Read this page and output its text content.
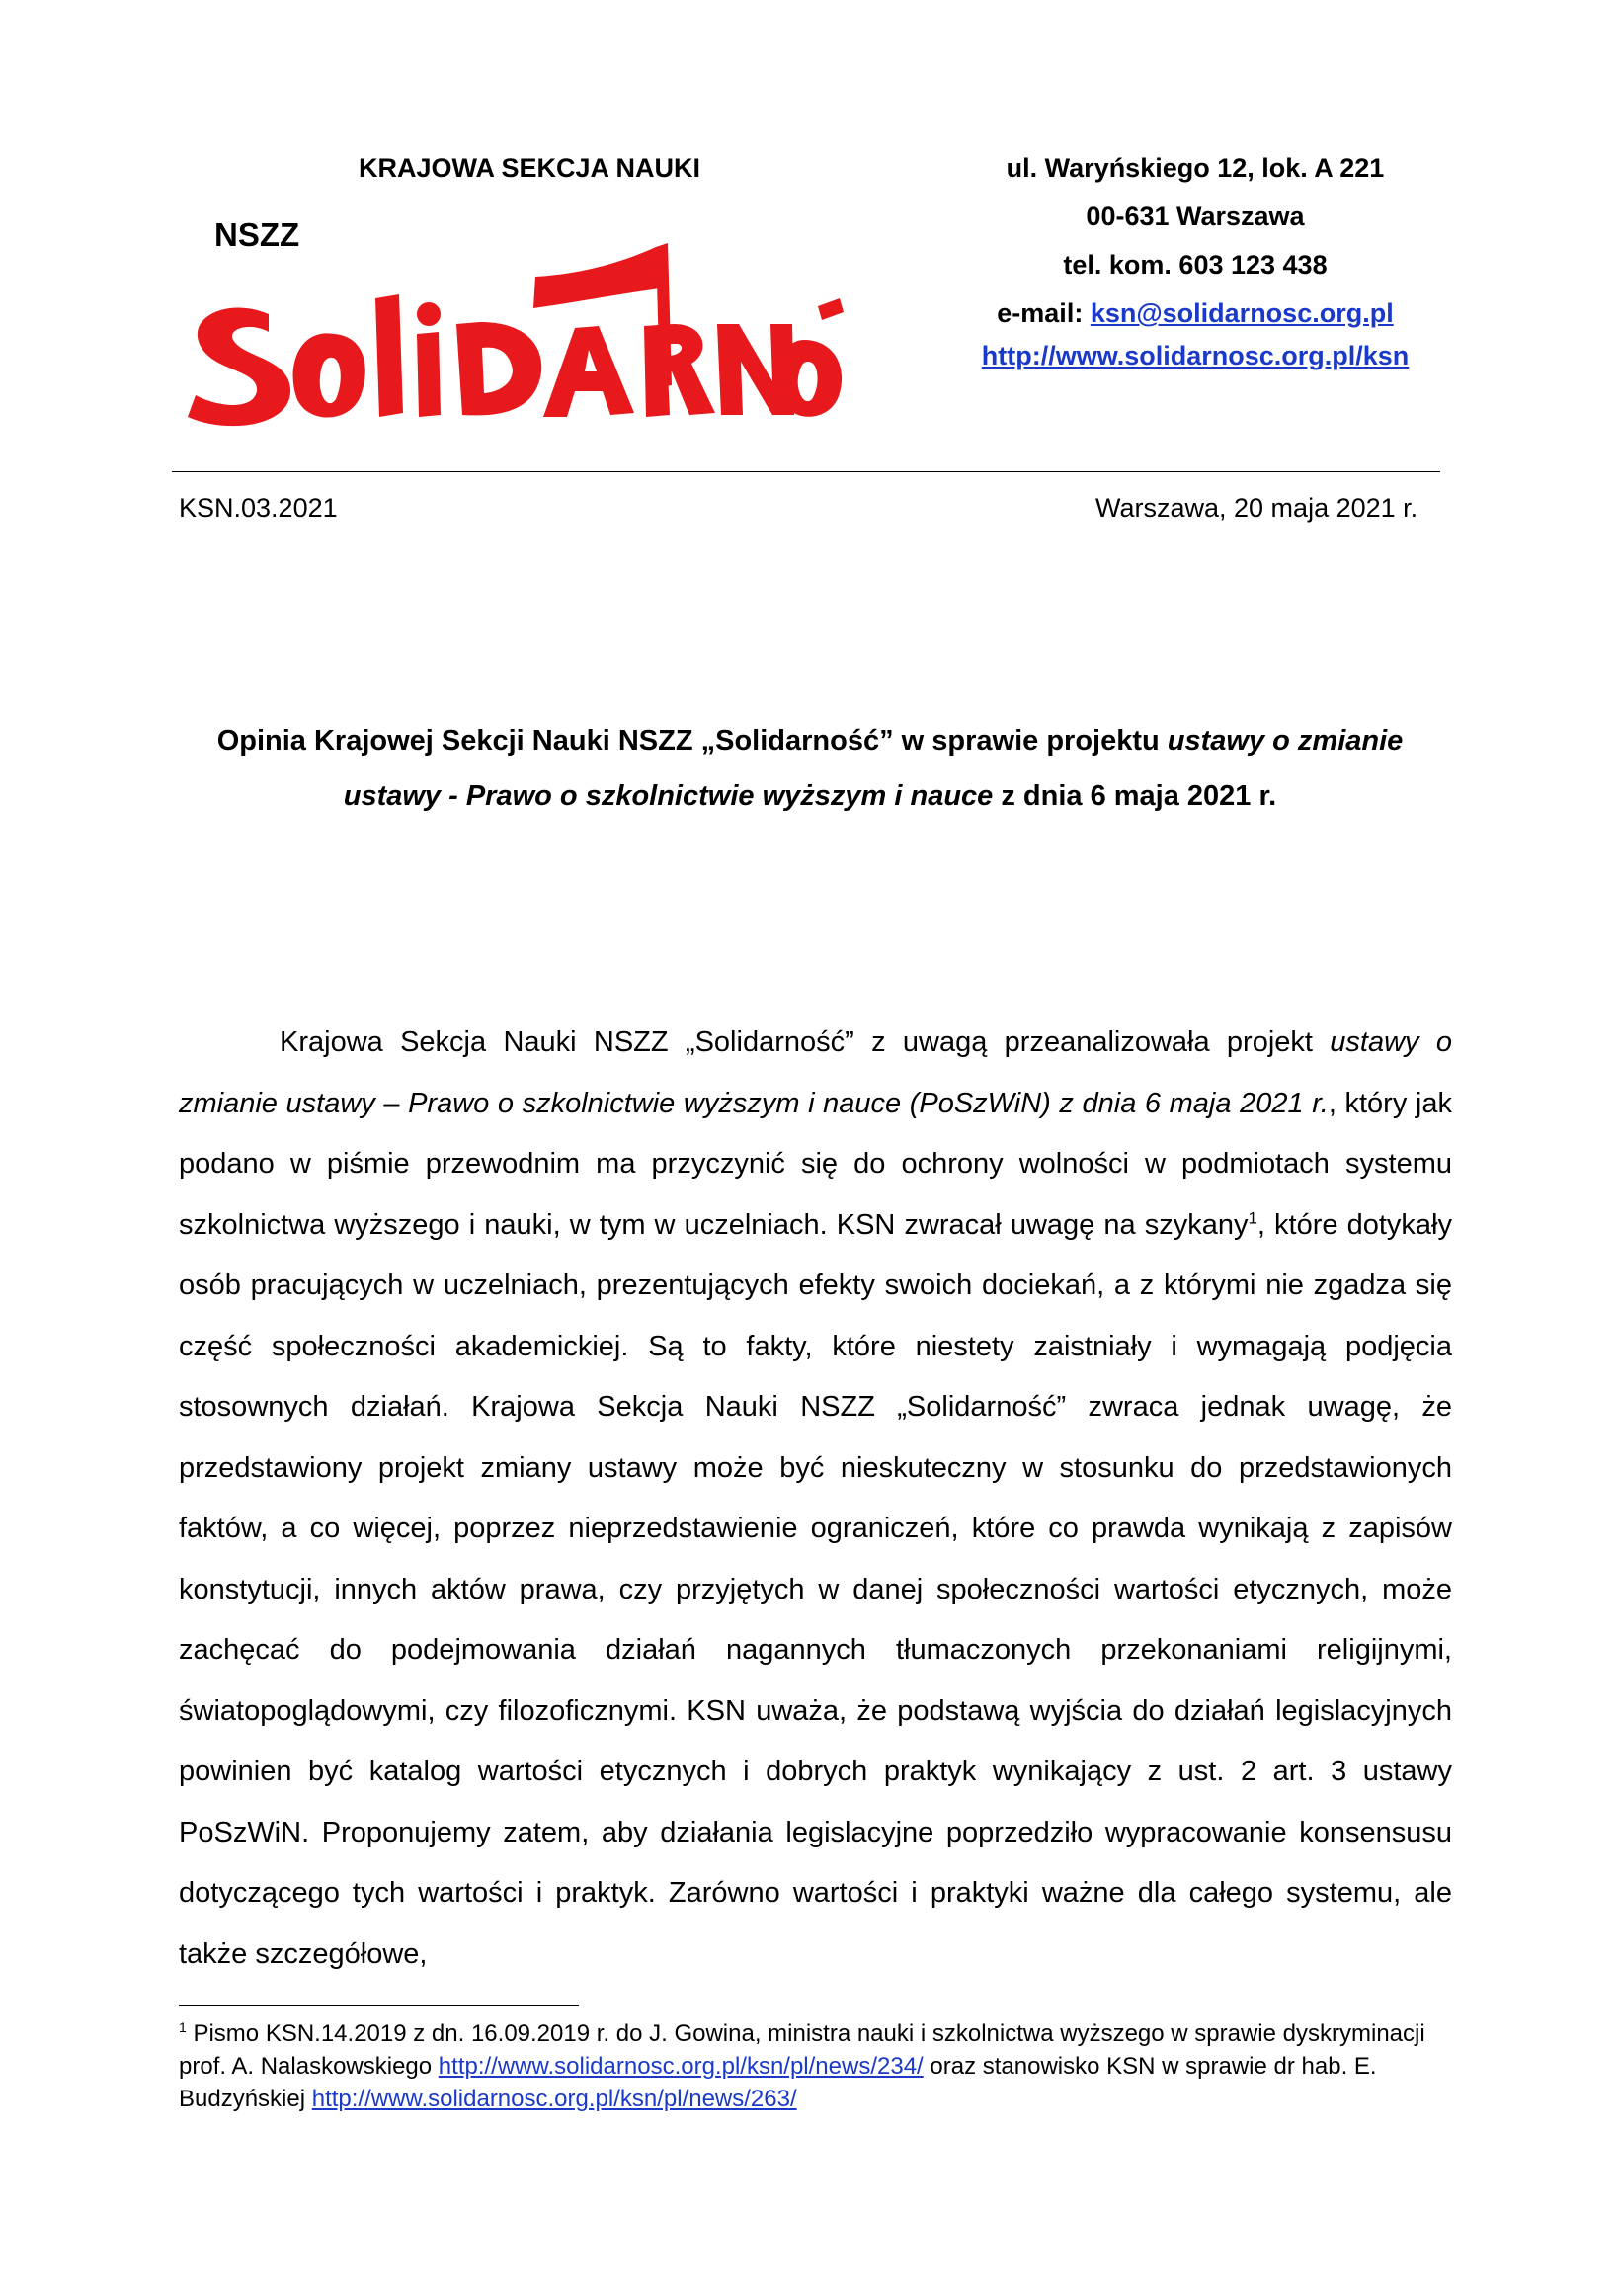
KRAJOWA SEKCJA NAUKI
NSZZ
ul. Waryńskiego 12, lok. A 221
00-631 Warszawa
tel. kom. 603 123 438
e-mail: ksn@solidarnosc.org.pl
http://www.solidarnosc.org.pl/ksn
KSN.03.2021	Warszawa, 20 maja 2021 r.
Opinia Krajowej Sekcji Nauki NSZZ „Solidarność” w sprawie projektu ustawy o zmianie ustawy - Prawo o szkolnictwie wyższym i nauce z dnia 6 maja 2021 r.

Krajowa Sekcja Nauki NSZZ „Solidarność” z uwagą przeanalizowała projekt ustawy o zmianie ustawy – Prawo o szkolnictwie wyższym i nauce (PoSzWiN) z dnia 6 maja 2021 r., który jak podano w piśmie przewodnim ma przyczynić się do ochrony wolności w podmiotach systemu szkolnictwa wyższego i nauki, w tym w uczelniach. KSN zwracał uwagę na szykany$^1$, które dotykały osób pracujących w uczelniach, prezentujących efekty swoich dociekań, a z którymi nie zgadza się część społeczności akademickiej. Są to fakty, które niestety zaistniały i wymagają podjęcia stosownych działań. Krajowa Sekcja Nauki NSZZ „Solidarność” zwraca jednak uwagę, że przedstawiony projekt zmiany ustawy może być nieskuteczny w stosunku do przedstawionych faktów, a co więcej, poprzez nieprzedstawienie ograniczeń, które co prawda wynikają z zapisów konstytucji, innych aktów prawa, czy przyjętych w danej społeczności wartości etycznych, może zachęcać do podejmowania działań nagannych tłumaczonych przekonaniami religijnymi, światopoglądowymi, czy filozoficznymi. KSN uważa, że podstawą wyjścia do działań legislacyjnych powinien być katalog wartości etycznych i dobrych praktyk wynikający z ust. 2 art. 3 ustawy PoSzWiN. Proponujemy zatem, aby działania legislacyjne poprzedziło wypracowanie konsensusu dotyczącego tych wartości i praktyk. Zarówno wartości i praktyki ważne dla całego systemu, ale także szczegółowe,

$^1$ Pismo KSN.14.2019 z dn. 16.09.2019 r. do J. Gowina, ministra nauki i szkolnictwa wyższego w sprawie dyskryminacji prof. A. Nalaskowskiego http://www.solidarnosc.org.pl/ksn/pl/news/234/ oraz stanowisko KSN w sprawie dr hab. E. Budzyńskiej http://www.solidarnosc.org.pl/ksn/pl/news/263/
